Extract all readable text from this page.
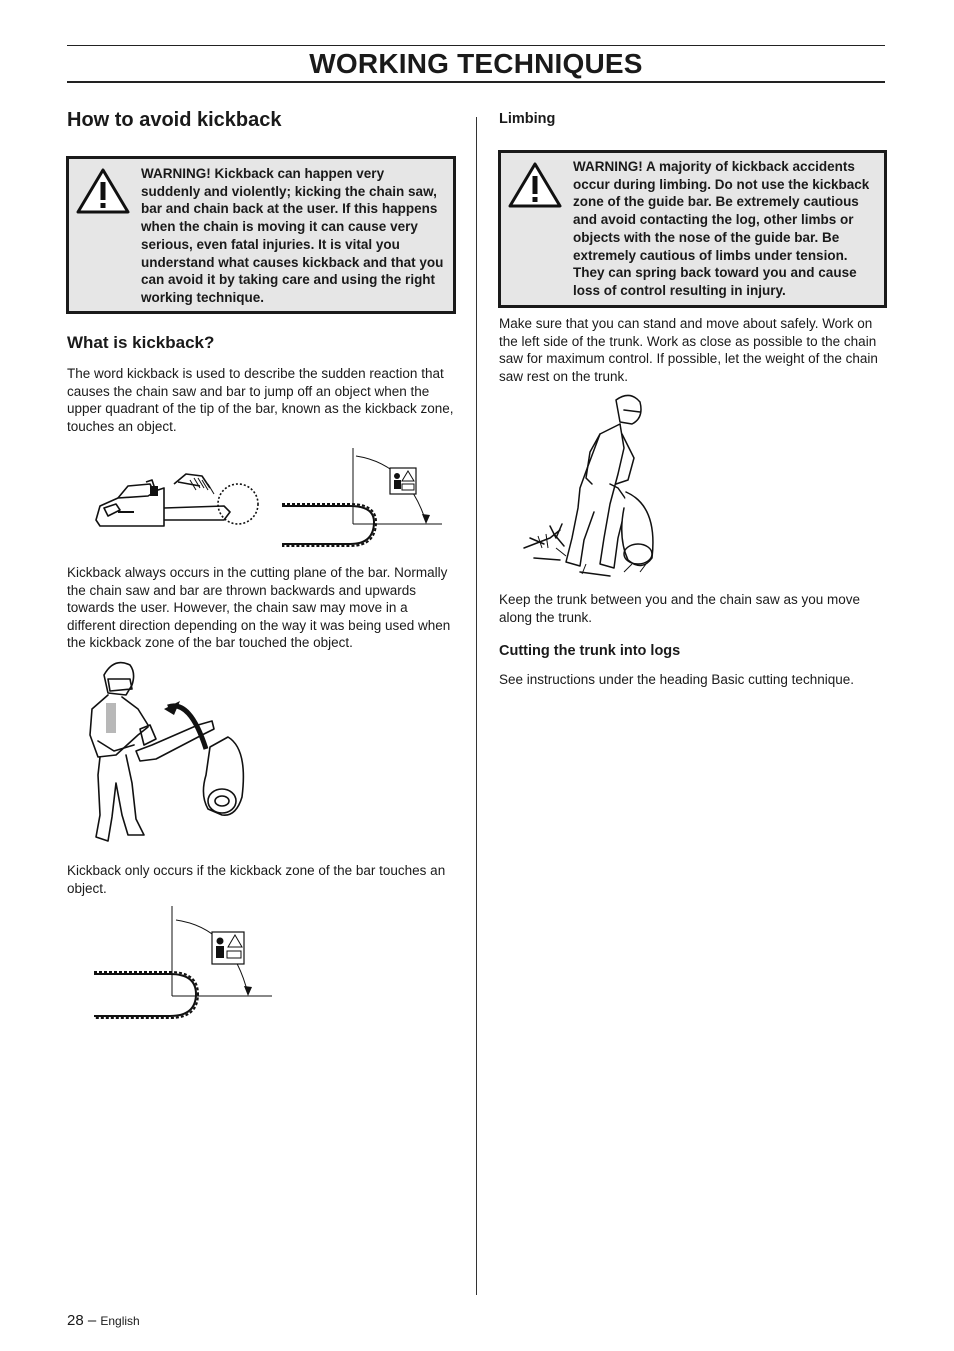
WORKING TECHNIQUES
How to avoid kickback
WARNING! Kickback can happen very suddenly and violently; kicking the chain saw, bar and chain back at the user. If this happens when the chain is moving it can cause very serious, even fatal injuries. It is vital you understand what causes kickback and that you can avoid it by taking care and using the right working technique.
What is kickback?
The word kickback is used to describe the sudden reaction that causes the chain saw and bar to jump off an object when the upper quadrant of the tip of the bar, known as the kickback zone, touches an object.
Kickback always occurs in the cutting plane of the bar. Normally the chain saw and bar are thrown backwards and upwards towards the user. However, the chain saw may move in a different direction depending on the way it was being used when the kickback zone of the bar touched the object.
Kickback only occurs if the kickback zone of the bar touches an object.
Limbing
WARNING! A majority of kickback accidents occur during limbing. Do not use the kickback zone of the guide bar. Be extremely cautious and avoid contacting the log, other limbs or objects with the nose of the guide bar. Be extremely cautious of limbs under tension. They can spring back toward you and cause loss of control resulting in injury.
Make sure that you can stand and move about safely. Work on the left side of the trunk. Work as close as possible to the chain saw for maximum control. If possible, let the weight of the chain saw rest on the trunk.
Keep the trunk between you and the chain saw as you move along the trunk.
Cutting the trunk into logs
See instructions under the heading Basic cutting technique.
28 – English
